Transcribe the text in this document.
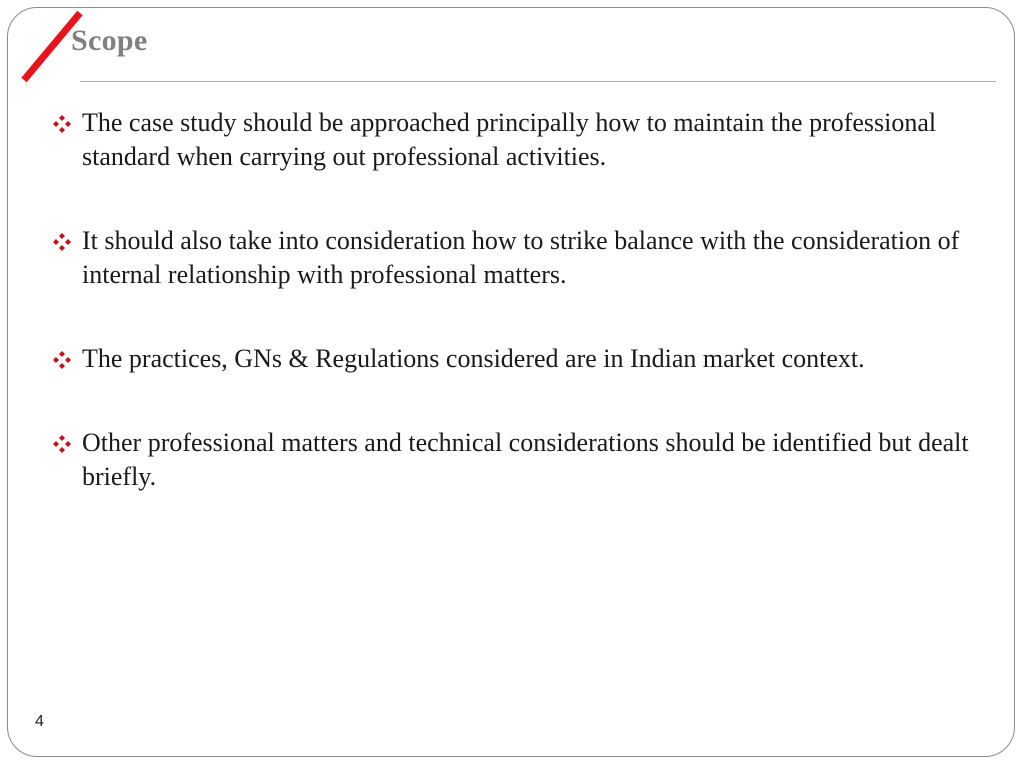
Scope
The case study should be approached principally how to maintain the professional standard when carrying out professional activities.
It should also take into consideration how to strike balance with the consideration of internal relationship with professional matters.
The practices, GNs & Regulations considered are in Indian market context.
Other professional matters and technical considerations should be identified but dealt briefly.
4
